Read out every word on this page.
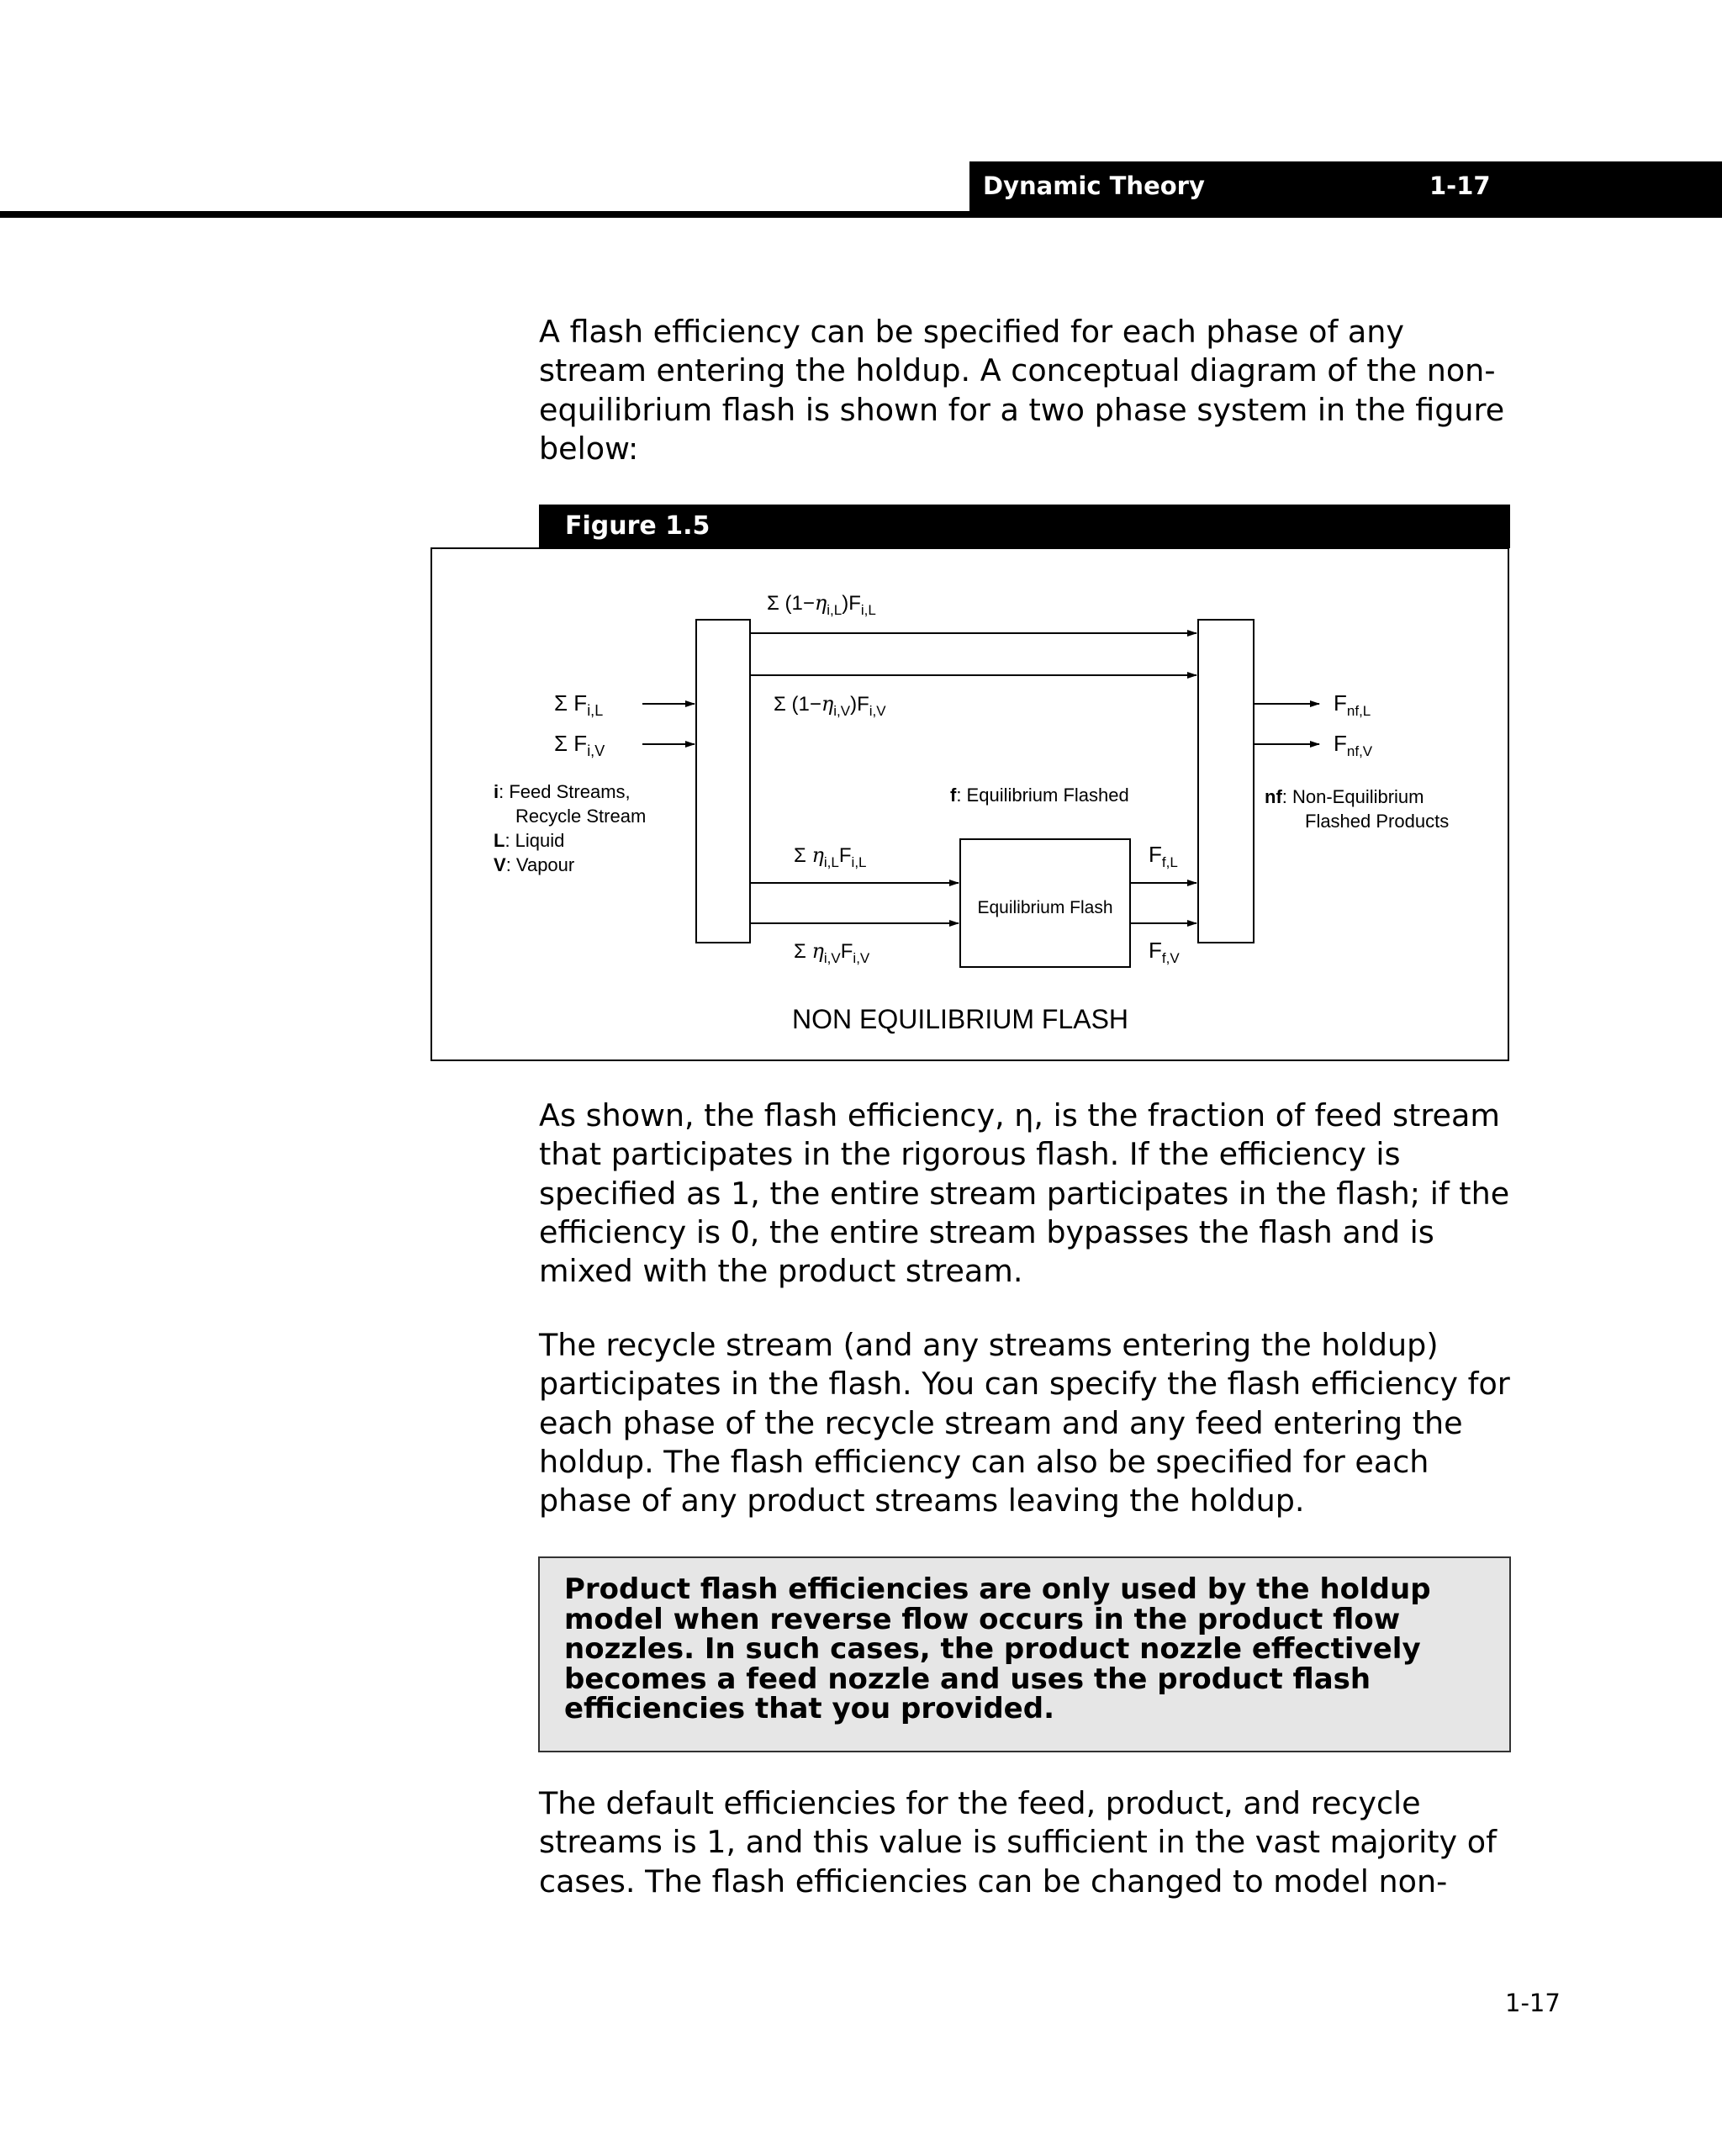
Dynamic Theory	1-17

A flash efficiency can be specified for each phase of any stream entering the holdup. A conceptual diagram of the non-equilibrium flash is shown for a two phase system in the figure below:

Figure 1.5
Σ $(1-\eta_{i,L})F_{i,L}$
Σ $(1-\eta_{i,V})F_{i,V}$
Σ $F_{i,L}$
Σ $F_{i,V}$
Σ $\eta_{i,L}F_{i,L}$
Σ $\eta_{i,V}F_{i,V}$
$F_{f,L}$
$F_{f,V}$
$F_{nf,L}$
$F_{nf,V}$
i: Feed Streams,
Recycle Stream
L: Liquid
V: Vapour
f: Equilibrium Flashed	nf: Non-Equilibrium
Flashed Products
Equilibrium Flash
NON EQUILIBRIUM FLASH

As shown, the flash efficiency, η, is the fraction of feed stream that participates in the rigorous flash. If the efficiency is specified as 1, the entire stream participates in the flash; if the efficiency is 0, the entire stream bypasses the flash and is mixed with the product stream.

The recycle stream (and any streams entering the holdup) participates in the flash. You can specify the flash efficiency for each phase of the recycle stream and any feed entering the holdup. The flash efficiency can also be specified for each phase of any product streams leaving the holdup.

Product flash efficiencies are only used by the holdup model when reverse flow occurs in the product flow nozzles. In such cases, the product nozzle effectively becomes a feed nozzle and uses the product flash efficiencies that you provided.

The default efficiencies for the feed, product, and recycle streams is 1, and this value is sufficient in the vast majority of cases. The flash efficiencies can be changed to model non-

1-17
